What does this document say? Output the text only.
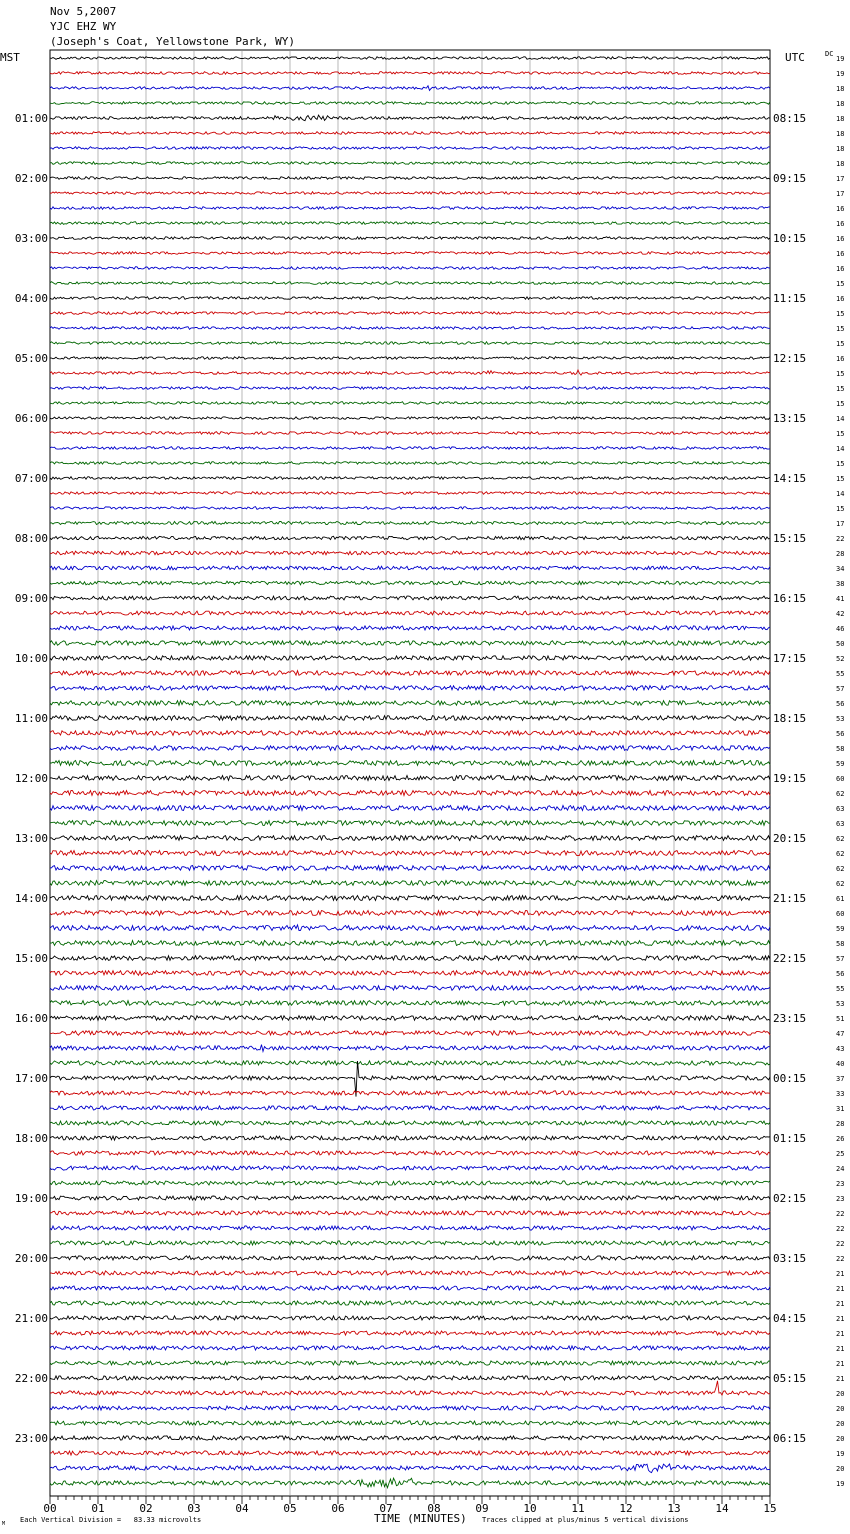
Nov 5,2007
YJC EHZ WY
(Joseph's Coat, Yellowstone Park, WY)
00	01	02	03	04	05	06	07	08	09	10	11	12	13	14	15
01:00
02:00
03:00
04:00
05:00
06:00
07:00
08:00
09:00
10:00
11:00
12:00
13:00
14:00
15:00
16:00
17:00
18:00
19:00
20:00
21:00
22:00
23:00
08:15
09:15
10:15
11:15
12:15
13:15
14:15
15:15
16:15
17:15
18:15
19:15
20:15
21:15
22:15
23:15
00:15
01:15
02:15
03:15
04:15
05:15
06:15
19
19
18
18
18
18
18
18
17
17
16
16
16
16
16
15
16
15
15
15
16
15
15
15
14
15
14
15
15
14
15
17
22
28
34
38
41
42
46
50
52
55
57
56
53
56
58
59
60
62
63
63
62
62
62
62
61
60
59
58
57
56
55
53
51
47
43
40
37
33
31
28
26
25
24
23
23
22
22
22
22
21
21
21
21
21
21
21
21
20
20
20
20
19
20
19
MST	UTC	DC
TIME (MINUTES)
Each Vertical Division =   83.33 microvolts	Traces clipped at plus/minus 5 vertical divisions
M
